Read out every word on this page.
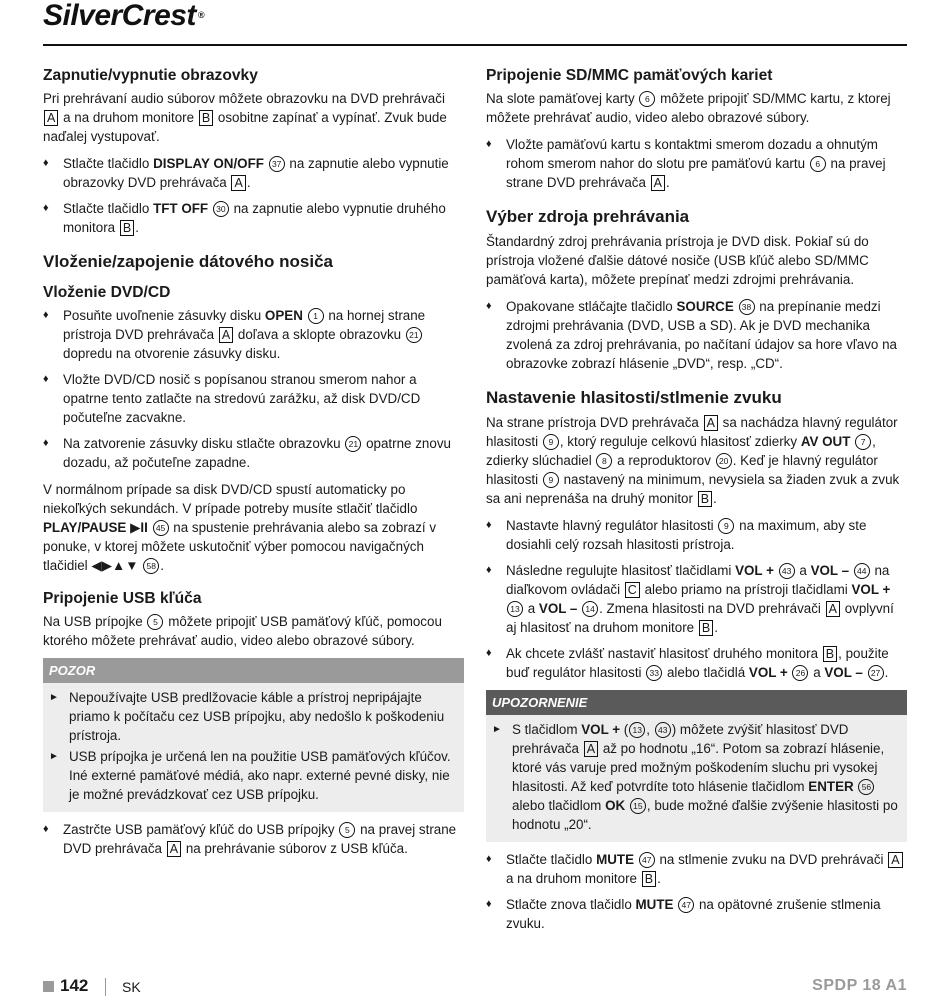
SilverCrest ®
Zapnutie/vypnutie obrazovky

Pri prehrávaní audio súborov môžete obrazovku na DVD prehrávači A a na druhom monitore B osobitne zapínať a vypínať. Zvuk bude naďalej vystupovať.

♦ Stlačte tlačidlo DISPLAY ON/OFF 37 na zapnutie alebo vypnutie obrazovky DVD prehrávača A .
♦ Stlačte tlačidlo TFT OFF 30 na zapnutie alebo vypnutie druhého monitora B .
Vloženie/zapojenie dátového nosiča
Vloženie DVD/CD
♦ Posuňte uvoľnenie zásuvky disku OPEN 1 na hornej strane prístroja DVD prehrávača A doľava a sklopte obrazovku 21 dopredu na otvorenie zásuvky disku.
♦ Vložte DVD/CD nosič s popísanou stranou smerom nahor a opatrne tento zatlačte na stredovú zarážku, až disk DVD/CD počuteľne zacvakne.
♦ Na zatvorenie zásuvky disku stlačte obrazovku 21 opatrne znovu dozadu, až počuteľne zapadne.

V normálnom prípade sa disk DVD/CD spustí automaticky po niekoľkých sekundách. V prípade potreby musíte stlačiť tlačidlo PLAY/PAUSE ▶II 45 na spustenie prehrávania alebo sa zobrazí v ponuke, v ktorej môžete uskutočniť výber pomocou navigačných tlačidiel ◀▶▲▼ 58 .

Pripojenie USB kľúča

Na USB prípojke 5 môžete pripojiť USB pamäťový kľúč, pomocou ktorého môžete prehrávať audio, video alebo obrazové súbory.

POZOR
► Nepoužívajte USB predlžovacie káble a prístroj nepripájajte priamo k počítaču cez USB prípojku, aby nedošlo k poškodeniu prístroja.
► USB prípojka je určená len na použitie USB pamäťových kľúčov. Iné externé pamäťové médiá, ako napr. externé pevné disky, nie je možné prevádzkovať cez USB prípojku.
♦ Zastrčte USB pamäťový kľúč do USB prípojky 5 na pravej strane DVD prehrávača A na prehrávanie súborov z USB kľúča.
Pripojenie SD/MMC pamäťových kariet

Na slote pamäťovej karty 6 môžete pripojiť SD/MMC kartu, z ktorej môžete prehrávať audio, video alebo obrazové súbory.

♦ Vložte pamäťovú kartu s kontaktmi smerom dozadu a ohnutým rohom smerom nahor do slotu pre pamäťovú kartu 6 na pravej strane DVD prehrávača A .
Výber zdroja prehrávania

Štandardný zdroj prehrávania prístroja je DVD disk. Pokiaľ sú do prístroja vložené ďalšie dátové nosiče (USB kľúč alebo SD/MMC pamäťová karta), môžete prepínať medzi zdrojmi prehrávania.

♦ Opakovane stláčajte tlačidlo SOURCE 38 na prepínanie medzi zdrojmi prehrávania (DVD, USB a SD). Ak je DVD mechanika zvolená za zdroj prehrávania, po načítaní údajov sa hore vľavo na obrazovke zobrazí hlásenie „DVD“, resp. „CD“.
Nastavenie hlasitosti/stlmenie zvuku

Na strane prístroja DVD prehrávača A sa nachádza hlavný regulátor hlasitosti 9 , ktorý reguluje celkovú hlasitosť zdierky AV OUT 7 , zdierky slúchadiel 8 a reproduktorov 20 . Keď je hlavný regulátor hlasitosti 9 nastavený na minimum, nevysiela sa žiaden zvuk a zvuk sa ani neprenáša na druhý monitor B .

♦ Nastavte hlavný regulátor hlasitosti 9 na maximum, aby ste dosiahli celý rozsah hlasitosti prístroja.
♦ Následne regulujte hlasitosť tlačidlami VOL + 43 a VOL – 44 na diaľkovom ovládači C alebo priamo na prístroji tlačidlami VOL + 13 a VOL – 14 . Zmena hlasitosti na DVD prehrávači A ovplyvní aj hlasitosť na druhom monitore B .
♦ Ak chcete zvlášť nastaviť hlasitosť druhého monitora B , použite buď regulátor hlasitosti 33 alebo tlačidlá VOL + 26 a VOL – 27 .
UPOZORNENIE
► S tlačidlom VOL + ( 13 , 43 ) môžete zvýšiť hlasitosť DVD prehrávača A až po hodnotu „16“. Potom sa zobrazí hlásenie, ktoré vás varuje pred možným poškodením sluchu pri vysokej hlasitosti. Až keď potvrdíte toto hlásenie tlačidlom ENTER 56 alebo tlačidlom OK 15 , bude možné ďalšie zvýšenie hlasitosti po hodnotu „20“.
♦ Stlačte tlačidlo MUTE 47 na stlmenie zvuku na DVD prehrávači A a na druhom monitore B .
♦ Stlačte znova tlačidlo MUTE 47 na opätovné zrušenie stlmenia zvuku.
142 SK	SPDP 18 A1
